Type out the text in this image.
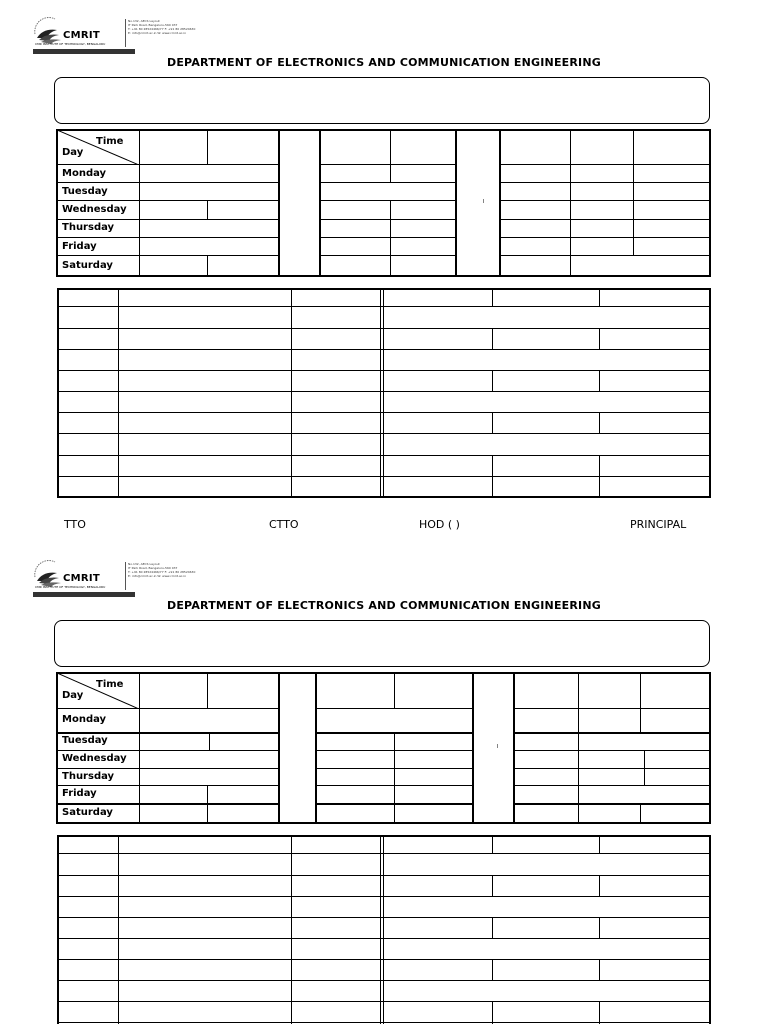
CMRIT
CMR INSTITUTE OF TECHNOLOGY, BENGALURU
No.132, AECS Layout
IT Park Road, Bengaluru-560 037
T: +91 80 28524466/77 F: +91 80 28524630
E: info@cmrit.ac.in W: www.cmrit.ac.in
DEPARTMENT OF ELECTRONICS AND COMMUNICATION ENGINEERING
I
Time
Day
Monday
Tuesday
Wednesday
Thursday
Friday
Saturday
TTO	CTTO	HOD ( )	PRINCIPAL
CMRIT
CMR INSTITUTE OF TECHNOLOGY, BENGALURU
No.132, AECS Layout
IT Park Road, Bengaluru-560 037
T: +91 80 28524466/77 F: +91 80 28524630
E: info@cmrit.ac.in W: www.cmrit.ac.in
DEPARTMENT OF ELECTRONICS AND COMMUNICATION ENGINEERING
I
Time
Day
Monday
Tuesday
Wednesday
Thursday
Friday
Saturday
